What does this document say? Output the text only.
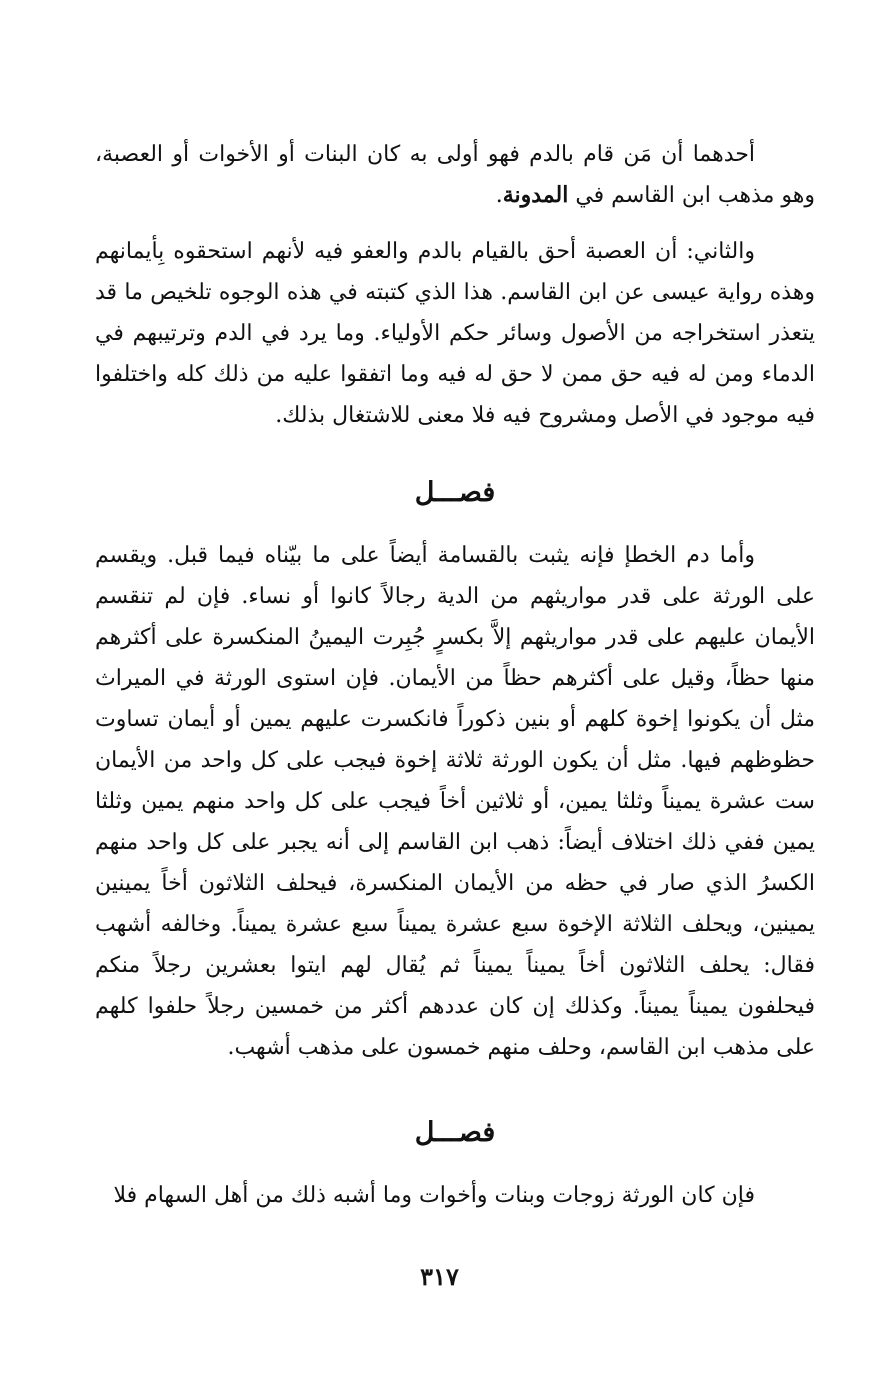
أحدهما أن مَن قام بالدم فهو أولى به كان البنات أو الأخوات أو العصبة، وهو مذهب ابن القاسم في المدونة.

والثاني: أن العصبة أحق بالقيام بالدم والعفو فيه لأنهم استحقوه بِأيمانهم وهذه رواية عيسى عن ابن القاسم. هذا الذي كتبته في هذه الوجوه تلخيص ما قد يتعذر استخراجه من الأصول وسائر حكم الأولياء. وما يرد في الدم وترتيبهم في الدماء ومن له فيه حق ممن لا حق له فيه وما اتفقوا عليه من ذلك كله واختلفوا فيه موجود في الأصل ومشروح فيه فلا معنى للاشتغال بذلك.

فصـــل

وأما دم الخطإ فإنه يثبت بالقسامة أيضاً على ما بيّناه فيما قبل. ويقسم على الورثة على قدر مواريثهم من الدية رجالاً كانوا أو نساء. فإن لم تنقسم الأيمان عليهم على قدر مواريثهم إلاَّ بكسرٍ جُبِرت اليمينُ المنكسرة على أكثرهم منها حظاً، وقيل على أكثرهم حظاً من الأيمان. فإن استوى الورثة في الميراث مثل أن يكونوا إخوة كلهم أو بنين ذكوراً فانكسرت عليهم يمين أو أيمان تساوت حظوظهم فيها. مثل أن يكون الورثة ثلاثة إخوة فيجب على كل واحد من الأيمان ست عشرة يميناً وثلثا يمين، أو ثلاثين أخاً فيجب على كل واحد منهم يمين وثلثا يمين ففي ذلك اختلاف أيضاً: ذهب ابن القاسم إلى أنه يجبر على كل واحد منهم الكسرُ الذي صار في حظه من الأيمان المنكسرة، فيحلف الثلاثون أخاً يمينين يمينين، ويحلف الثلاثة الإخوة سبع عشرة يميناً سبع عشرة يميناً. وخالفه أشهب فقال: يحلف الثلاثون أخاً يميناً يميناً ثم يُقال لهم ايتوا بعشرين رجلاً منكم فيحلفون يميناً يميناً. وكذلك إن كان عددهم أكثر من خمسين رجلاً حلفوا كلهم على مذهب ابن القاسم، وحلف منهم خمسون على مذهب أشهب.

فصـــل

فإن كان الورثة زوجات وبنات وأخوات وما أشبه ذلك من أهل السهام فلا

٣١٧
